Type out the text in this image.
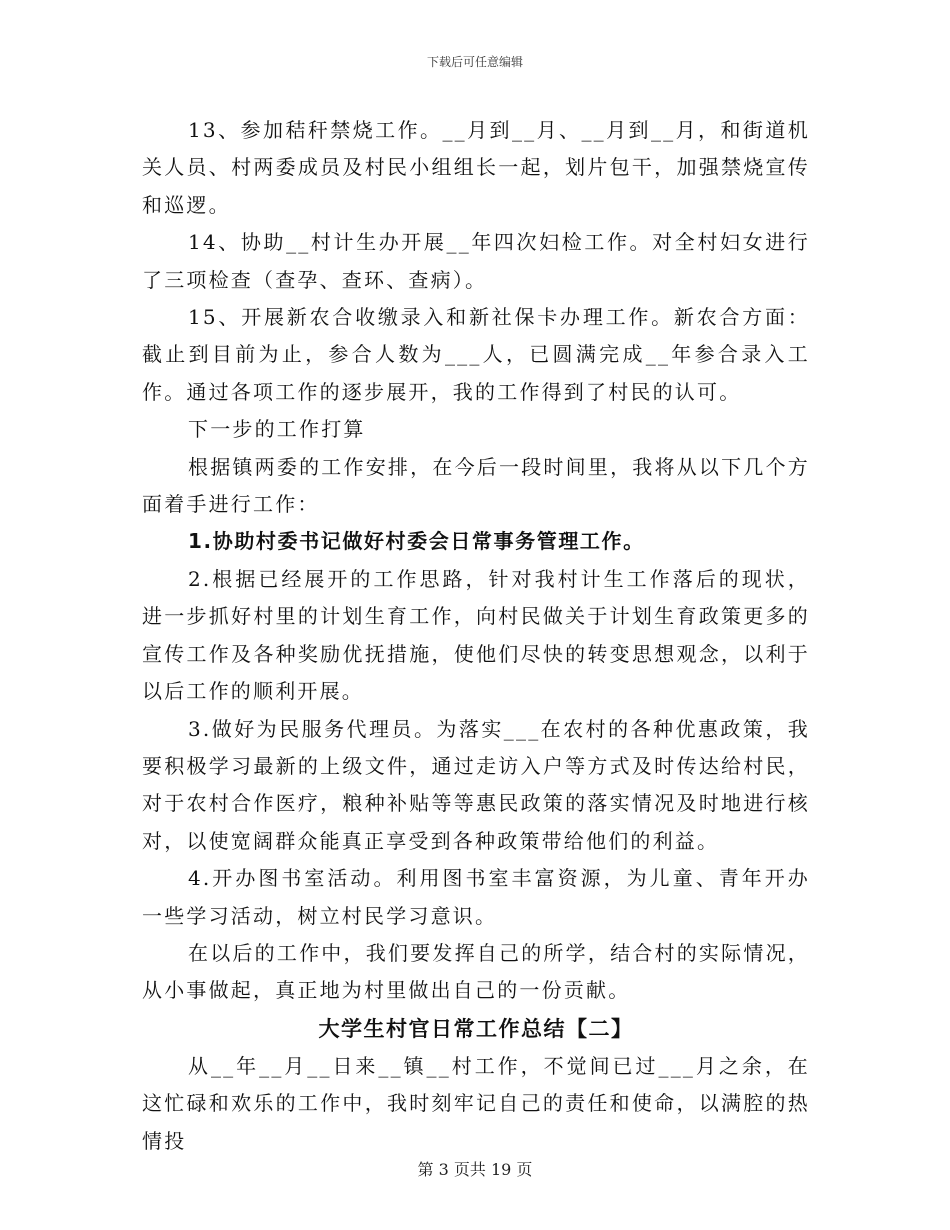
下载后可任意编辑

13、参加秸秆禁烧工作。__月到__月、__月到__月，和街道机关人员、村两委成员及村民小组组长一起，划片包干，加强禁烧宣传和巡逻。

14、协助__村计生办开展__年四次妇检工作。对全村妇女进行了三项检查（查孕、查环、查病）。

15、开展新农合收缴录入和新社保卡办理工作。新农合方面：截止到目前为止，参合人数为___人，已圆满完成__年参合录入工作。通过各项工作的逐步展开，我的工作得到了村民的认可。

下一步的工作打算

根据镇两委的工作安排，在今后一段时间里，我将从以下几个方面着手进行工作：

1.协助村委书记做好村委会日常事务管理工作。

2.根据已经展开的工作思路，针对我村计生工作落后的现状，进一步抓好村里的计划生育工作，向村民做关于计划生育政策更多的宣传工作及各种奖励优抚措施，使他们尽快的转变思想观念，以利于以后工作的顺利开展。

3.做好为民服务代理员。为落实___在农村的各种优惠政策，我要积极学习最新的上级文件，通过走访入户等方式及时传达给村民，对于农村合作医疗，粮种补贴等等惠民政策的落实情况及时地进行核对，以使宽阔群众能真正享受到各种政策带给他们的利益。

4.开办图书室活动。利用图书室丰富资源，为儿童、青年开办一些学习活动，树立村民学习意识。

在以后的工作中，我们要发挥自己的所学，结合村的实际情况，从小事做起，真正地为村里做出自己的一份贡献。

大学生村官日常工作总结【二】

从__年__月__日来__镇__村工作，不觉间已过___月之余，在这忙碌和欢乐的工作中，我时刻牢记自己的责任和使命，以满腔的热情投

第 3 页共 19 页
